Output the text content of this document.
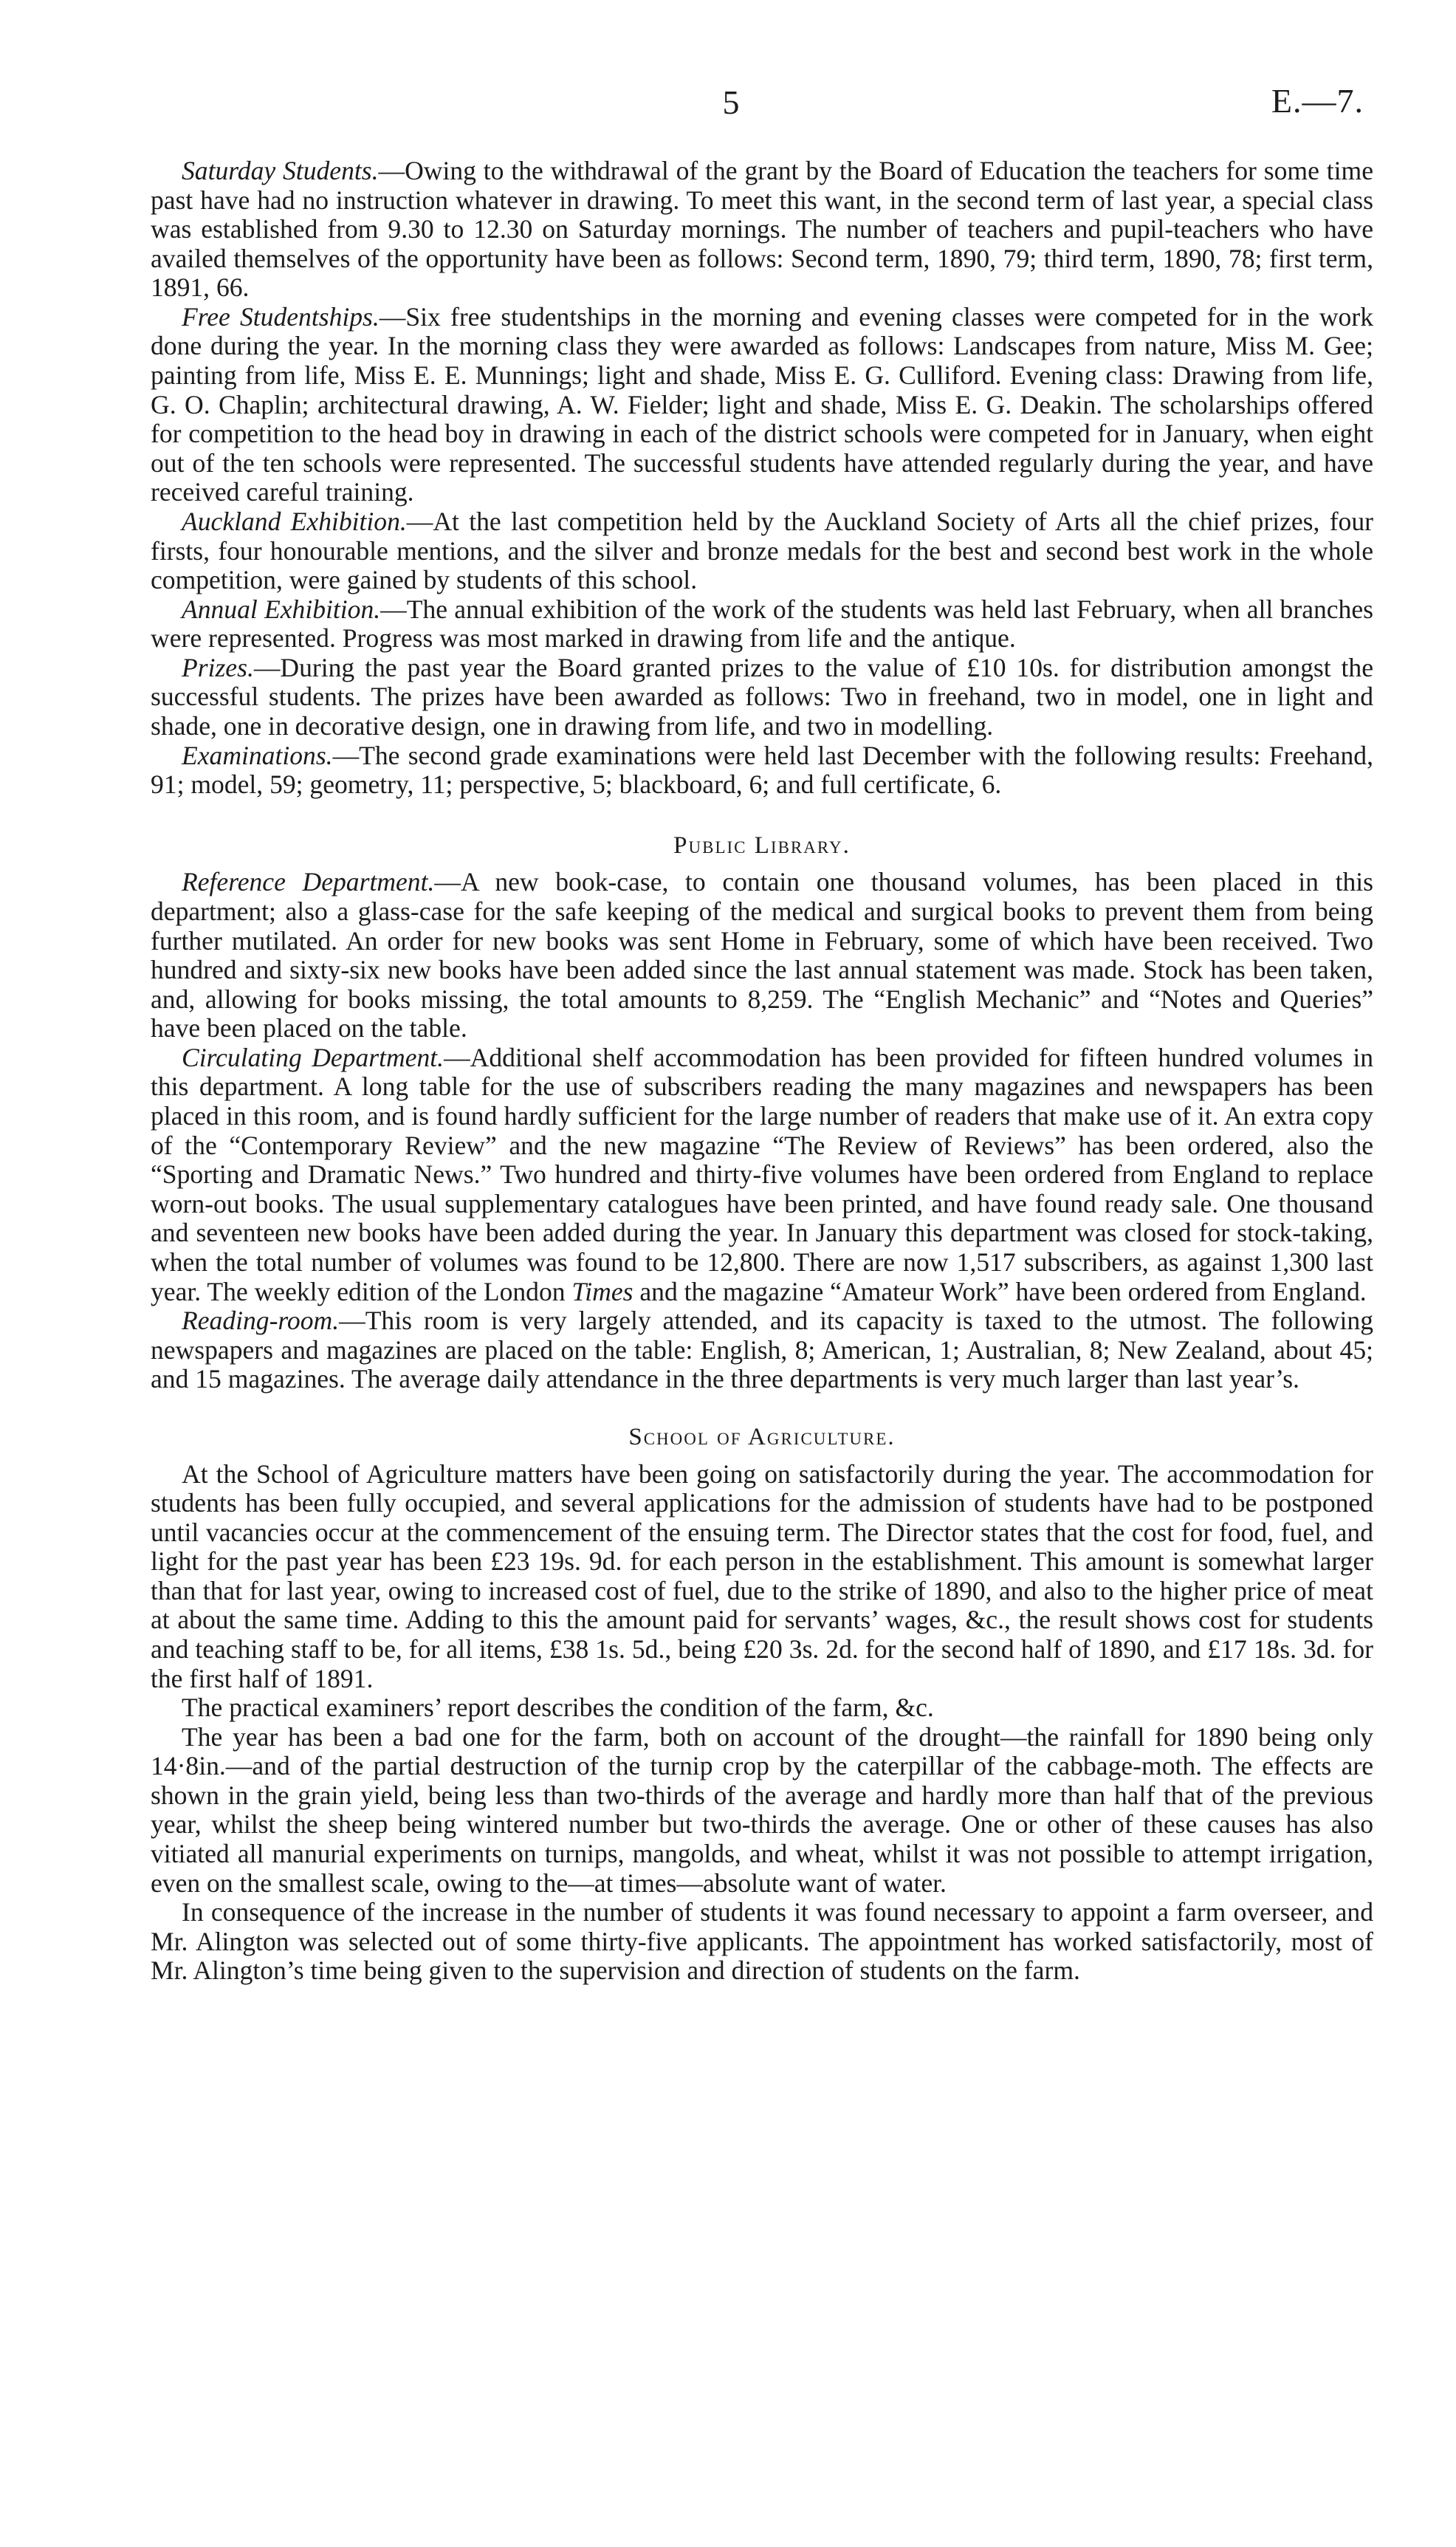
5	E.—7.

Saturday Students.—Owing to the withdrawal of the grant by the Board of Education the teachers for some time past have had no instruction whatever in drawing. To meet this want, in the second term of last year, a special class was established from 9.30 to 12.30 on Saturday mornings. The number of teachers and pupil-teachers who have availed themselves of the opportunity have been as follows: Second term, 1890, 79; third term, 1890, 78; first term, 1891, 66.

Free Studentships.—Six free studentships in the morning and evening classes were competed for in the work done during the year. In the morning class they were awarded as follows: Landscapes from nature, Miss M. Gee; painting from life, Miss E. E. Munnings; light and shade, Miss E. G. Culliford. Evening class: Drawing from life, G. O. Chaplin; architectural drawing, A. W. Fielder; light and shade, Miss E. G. Deakin. The scholarships offered for competition to the head boy in drawing in each of the district schools were competed for in January, when eight out of the ten schools were represented. The successful students have attended regularly during the year, and have received careful training.

Auckland Exhibition.—At the last competition held by the Auckland Society of Arts all the chief prizes, four firsts, four honourable mentions, and the silver and bronze medals for the best and second best work in the whole competition, were gained by students of this school.

Annual Exhibition.—The annual exhibition of the work of the students was held last February, when all branches were represented. Progress was most marked in drawing from life and the antique.

Prizes.—During the past year the Board granted prizes to the value of £10 10s. for distribution amongst the successful students. The prizes have been awarded as follows: Two in freehand, two in model, one in light and shade, one in decorative design, one in drawing from life, and two in modelling.

Examinations.—The second grade examinations were held last December with the following results: Freehand, 91; model, 59; geometry, 11; perspective, 5; blackboard, 6; and full certificate, 6.

Public Library.

Reference Department.—A new book-case, to contain one thousand volumes, has been placed in this department; also a glass-case for the safe keeping of the medical and surgical books to prevent them from being further mutilated. An order for new books was sent Home in February, some of which have been received. Two hundred and sixty-six new books have been added since the last annual statement was made. Stock has been taken, and, allowing for books missing, the total amounts to 8,259. The “English Mechanic” and “Notes and Queries” have been placed on the table.

Circulating Department.—Additional shelf accommodation has been provided for fifteen hundred volumes in this department. A long table for the use of subscribers reading the many magazines and newspapers has been placed in this room, and is found hardly sufficient for the large number of readers that make use of it. An extra copy of the “Contemporary Review” and the new magazine “The Review of Reviews” has been ordered, also the “Sporting and Dramatic News.” Two hundred and thirty-five volumes have been ordered from England to replace worn-out books. The usual supplementary catalogues have been printed, and have found ready sale. One thousand and seventeen new books have been added during the year. In January this department was closed for stock-taking, when the total number of volumes was found to be 12,800. There are now 1,517 subscribers, as against 1,300 last year. The weekly edition of the London Times and the magazine “Amateur Work” have been ordered from England.

Reading-room.—This room is very largely attended, and its capacity is taxed to the utmost. The following newspapers and magazines are placed on the table: English, 8; American, 1; Australian, 8; New Zealand, about 45; and 15 magazines. The average daily attendance in the three departments is very much larger than last year’s.

School of Agriculture.

At the School of Agriculture matters have been going on satisfactorily during the year. The accommodation for students has been fully occupied, and several applications for the admission of students have had to be postponed until vacancies occur at the commencement of the ensuing term. The Director states that the cost for food, fuel, and light for the past year has been £23 19s. 9d. for each person in the establishment. This amount is somewhat larger than that for last year, owing to increased cost of fuel, due to the strike of 1890, and also to the higher price of meat at about the same time. Adding to this the amount paid for servants’ wages, &c., the result shows cost for students and teaching staff to be, for all items, £38 1s. 5d., being £20 3s. 2d. for the second half of 1890, and £17 18s. 3d. for the first half of 1891.

The practical examiners’ report describes the condition of the farm, &c.

The year has been a bad one for the farm, both on account of the drought—the rainfall for 1890 being only 14·8in.—and of the partial destruction of the turnip crop by the caterpillar of the cabbage-moth. The effects are shown in the grain yield, being less than two-thirds of the average and hardly more than half that of the previous year, whilst the sheep being wintered number but two-thirds the average. One or other of these causes has also vitiated all manurial experiments on turnips, mangolds, and wheat, whilst it was not possible to attempt irrigation, even on the smallest scale, owing to the—at times—absolute want of water.

In consequence of the increase in the number of students it was found necessary to appoint a farm overseer, and Mr. Alington was selected out of some thirty-five applicants. The appointment has worked satisfactorily, most of Mr. Alington’s time being given to the supervision and direction of students on the farm.
